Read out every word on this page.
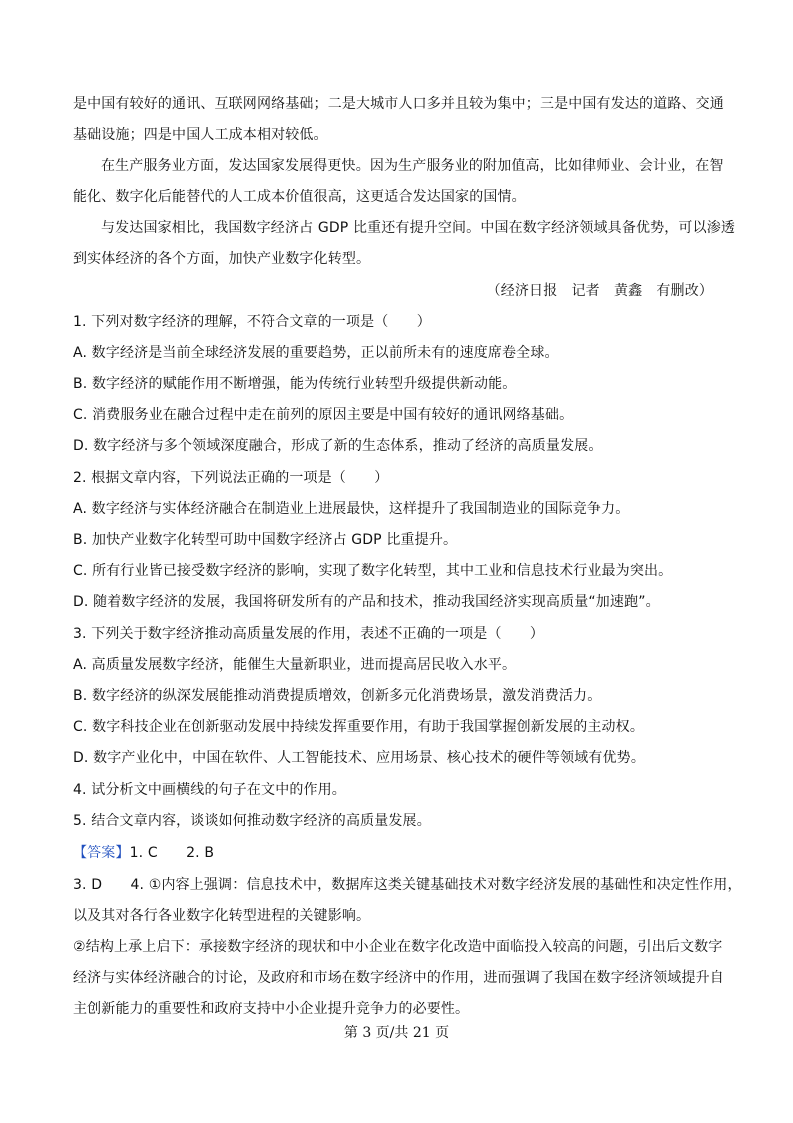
是中国有较好的通讯、互联网网络基础；二是大城市人口多并且较为集中；三是中国有发达的道路、交通
基础设施；四是中国人工成本相对较低。
在生产服务业方面，发达国家发展得更快。因为生产服务业的附加值高，比如律师业、会计业，在智
能化、数字化后能替代的人工成本价值很高，这更适合发达国家的国情。
与发达国家相比，我国数字经济占 GDP 比重还有提升空间。中国在数字经济领域具备优势，可以渗透
到实体经济的各个方面，加快产业数字化转型。
（经济日报　记者　黄鑫　有删改）
1. 下列对数字经济的理解，不符合文章的一项是（　　）
A. 数字经济是当前全球经济发展的重要趋势，正以前所未有的速度席卷全球。
B. 数字经济的赋能作用不断增强，能为传统行业转型升级提供新动能。
C. 消费服务业在融合过程中走在前列的原因主要是中国有较好的通讯网络基础。
D. 数字经济与多个领域深度融合，形成了新的生态体系，推动了经济的高质量发展。
2. 根据文章内容，下列说法正确的一项是（　　）
A. 数字经济与实体经济融合在制造业上进展最快，这样提升了我国制造业的国际竞争力。
B. 加快产业数字化转型可助中国数字经济占 GDP 比重提升。
C. 所有行业皆已接受数字经济的影响，实现了数字化转型，其中工业和信息技术行业最为突出。
D. 随着数字经济的发展，我国将研发所有的产品和技术，推动我国经济实现高质量“加速跑”。
3. 下列关于数字经济推动高质量发展的作用，表述不正确的一项是（　　）
A. 高质量发展数字经济，能催生大量新职业，进而提高居民收入水平。
B. 数字经济的纵深发展能推动消费提质增效，创新多元化消费场景，激发消费活力。
C. 数字科技企业在创新驱动发展中持续发挥重要作用，有助于我国掌握创新发展的主动权。
D. 数字产业化中，中国在软件、人工智能技术、应用场景、核心技术的硬件等领域有优势。
4. 试分析文中画横线的句子在文中的作用。
5. 结合文章内容，谈谈如何推动数字经济的高质量发展。
【答案】1. C　　2. B
3. D　　4. ①内容上强调：信息技术中，数据库这类关键基础技术对数字经济发展的基础性和决定性作用，
以及其对各行各业数字化转型进程的关键影响。
②结构上承上启下：承接数字经济的现状和中小企业在数字化改造中面临投入较高的问题，引出后文数字
经济与实体经济融合的讨论，及政府和市场在数字经济中的作用，进而强调了我国在数字经济领域提升自
主创新能力的重要性和政府支持中小企业提升竞争力的必要性。
第 3 页/共 21 页
